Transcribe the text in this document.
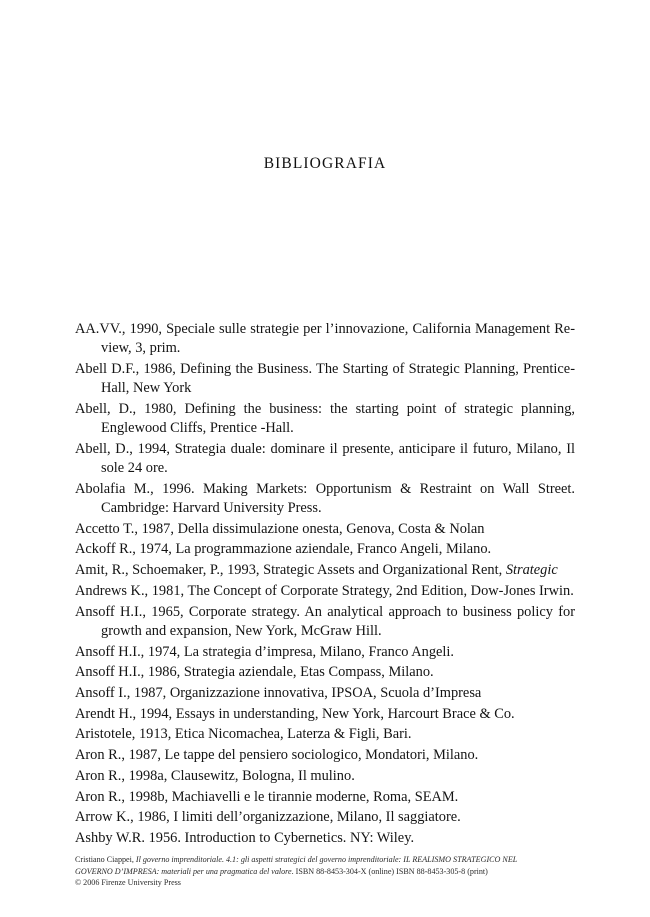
BIBLIOGRAFIA
AA.VV., 1990, Speciale sulle strategie per l’innovazione, California Management Re-view, 3, prim.
Abell D.F., 1986, Defining the Business. The Starting of Strategic Planning, Prentice-Hall, New York
Abell, D., 1980, Defining the business: the starting point of strategic planning, Englewood Cliffs, Prentice -Hall.
Abell, D., 1994, Strategia duale: dominare il presente, anticipare il futuro, Milano, Il sole 24 ore.
Abolafia M., 1996. Making Markets: Opportunism & Restraint on Wall Street. Cambridge: Harvard University Press.
Accetto T., 1987, Della dissimulazione onesta, Genova, Costa & Nolan
Ackoff R., 1974, La programmazione aziendale, Franco Angeli, Milano.
Amit, R., Schoemaker, P., 1993, Strategic Assets and Organizational Rent, Strategic
Andrews K., 1981, The Concept of Corporate Strategy, 2nd Edition, Dow-Jones Irwin.
Ansoff H.I., 1965, Corporate strategy. An analytical approach to business policy for growth and expansion, New York, McGraw Hill.
Ansoff H.I., 1974, La strategia d’impresa, Milano, Franco Angeli.
Ansoff H.I., 1986, Strategia aziendale, Etas Compass, Milano.
Ansoff I., 1987, Organizzazione innovativa, IPSOA, Scuola d’Impresa
Arendt H., 1994, Essays in understanding, New York, Harcourt Brace & Co.
Aristotele, 1913, Etica Nicomachea, Laterza & Figli, Bari.
Aron R., 1987, Le tappe del pensiero sociologico, Mondatori, Milano.
Aron R., 1998a, Clausewitz, Bologna, Il mulino.
Aron R., 1998b, Machiavelli e le tirannie moderne, Roma, SEAM.
Arrow K., 1986, I limiti dell’organizzazione, Milano, Il saggiatore.
Ashby W.R. 1956. Introduction to Cybernetics. NY: Wiley.
Cristiano Ciappei, Il governo imprenditoriale. 4.1: gli aspetti strategici del governo imprenditoriale: IL REALISMO STRATEGICO NEL
GOVERNO D’IMPRESA: materiali per una pragmatica del valore. ISBN 88-8453-304-X (online) ISBN 88-8453-305-8 (print)
© 2006 Firenze University Press
